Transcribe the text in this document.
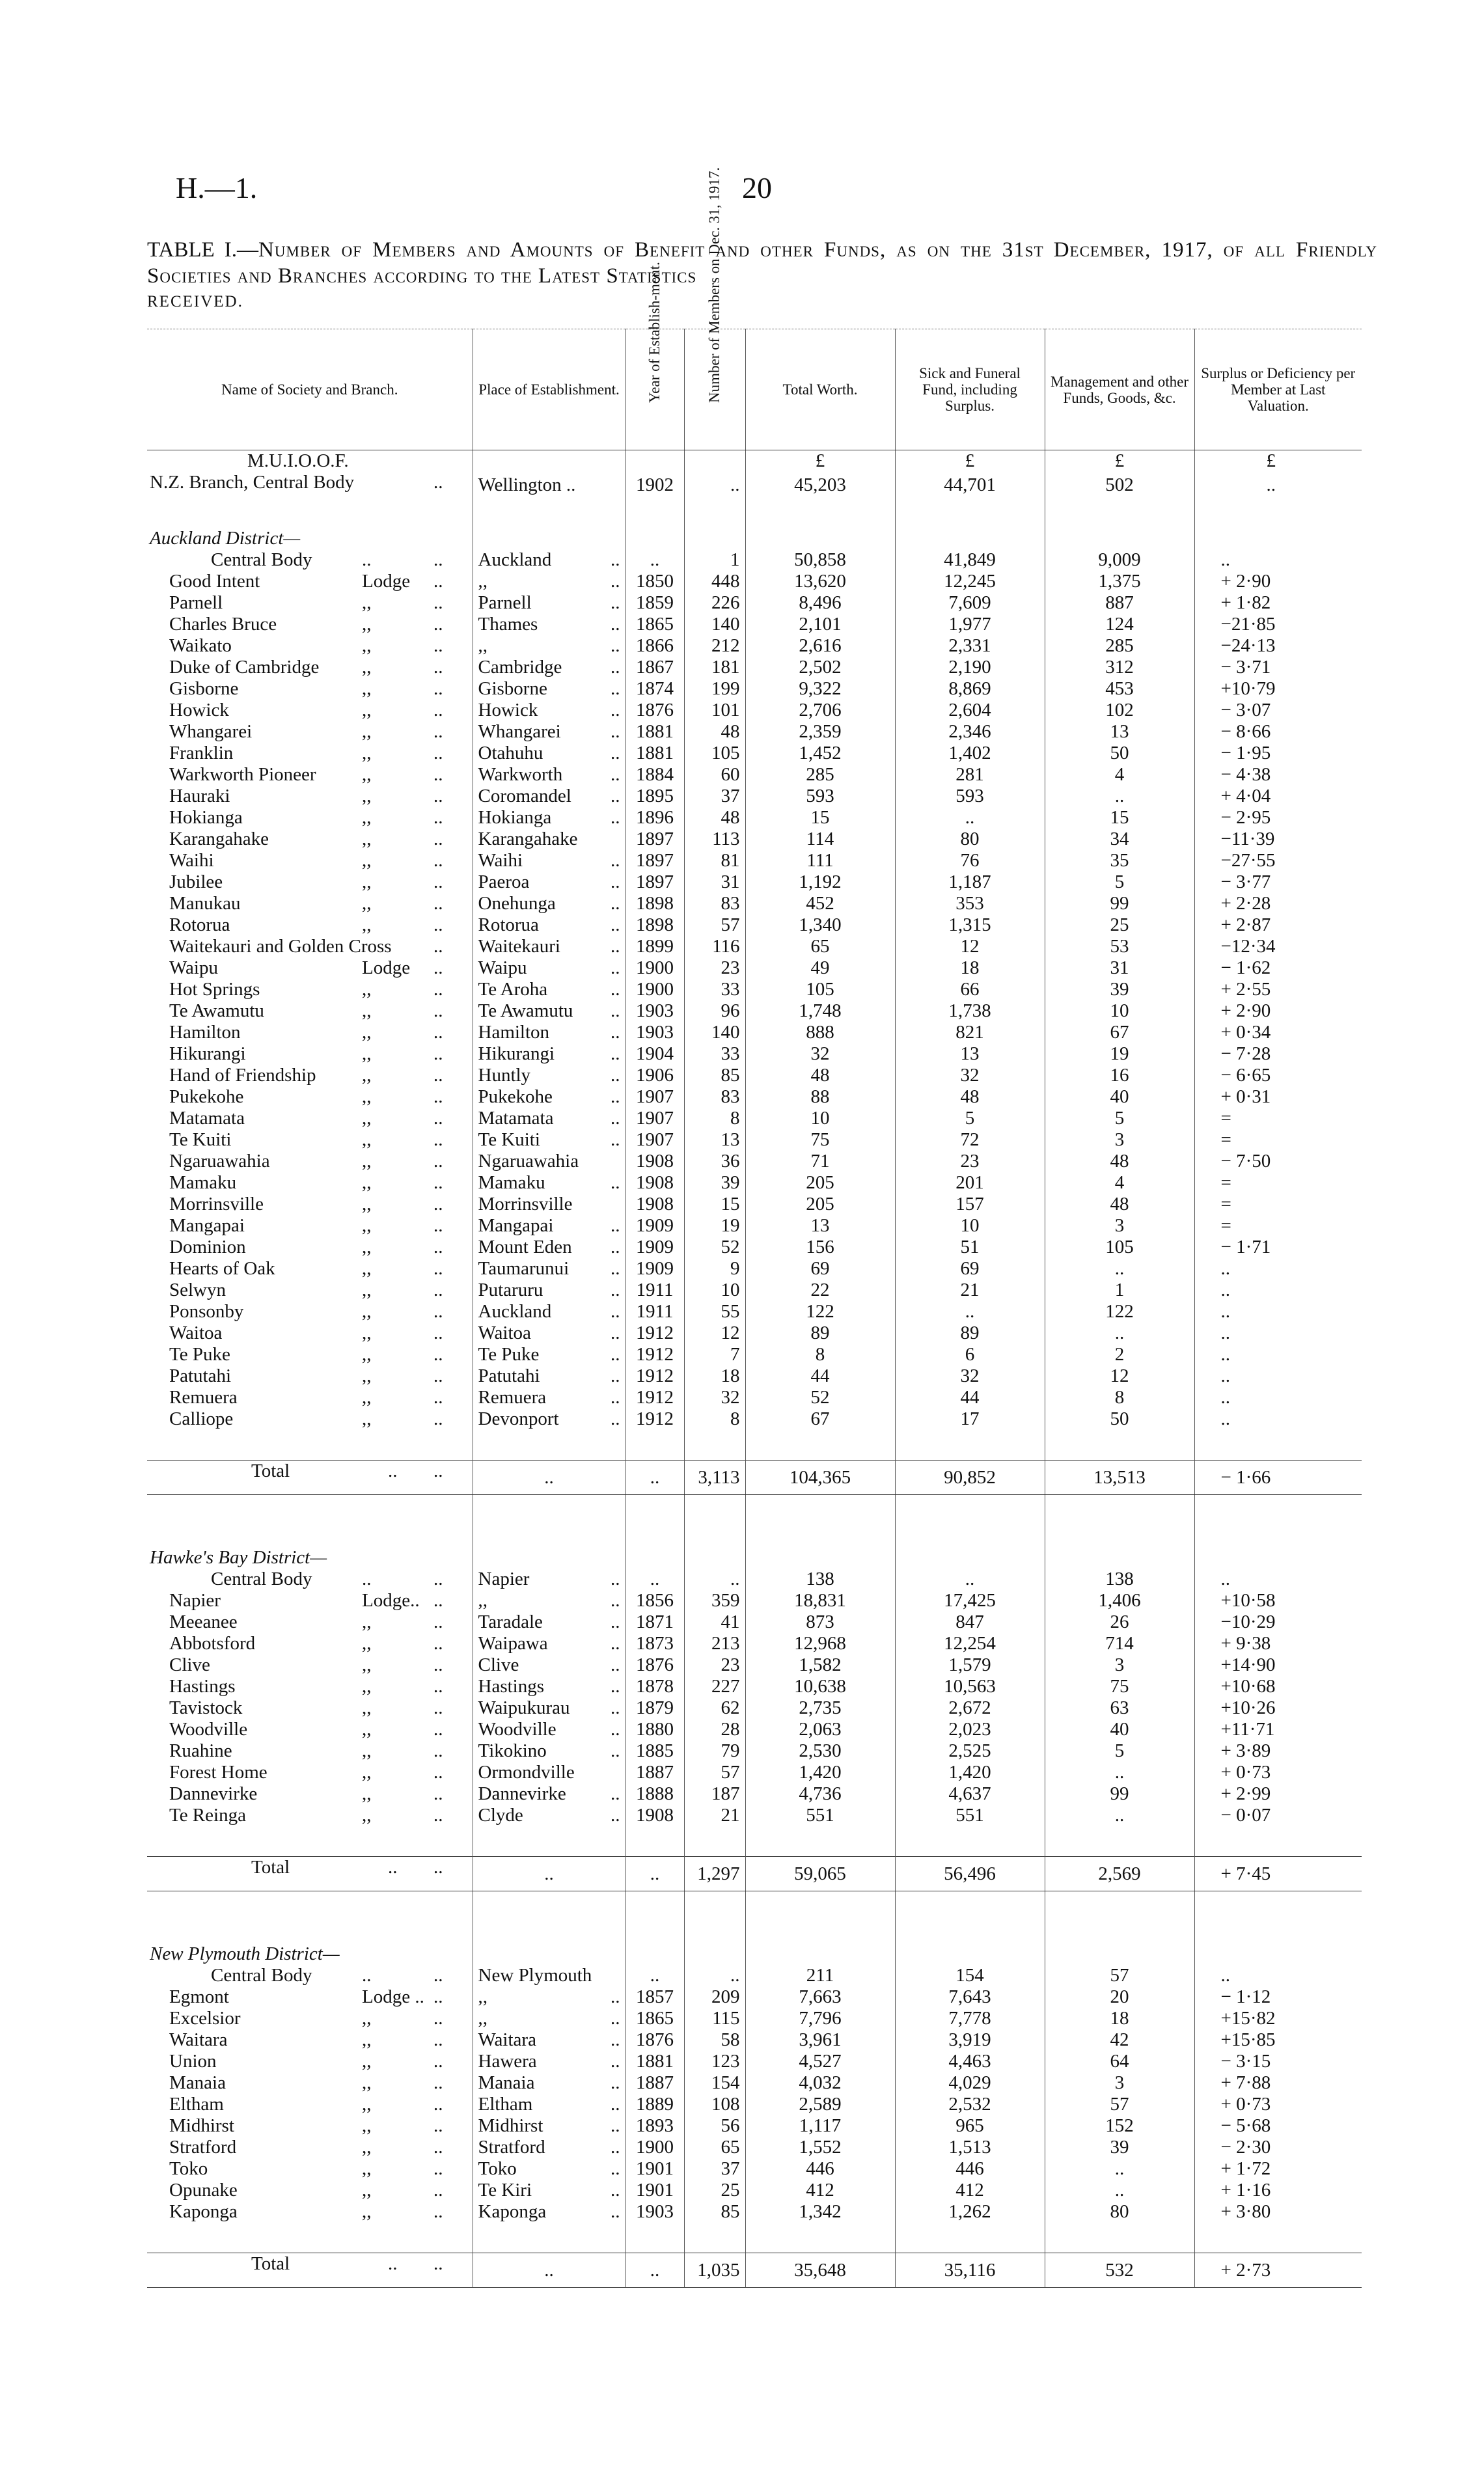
H.—1.	20
TABLE I.—Number of Members and Amounts of Benefit and other Funds, as on the 31st December, 1917, of all Friendly Societies and Branches according to the Latest Statistics
RECEIVED.
Name of Society and Branch.	Place of Establishment.	Year of Establish-ment.	Number of Members on Dec. 31, 1917.	Total Worth.	Sick and Funeral Fund, including Surplus.	Management and other Funds, Goods, &c.	Surplus or Deficiency per Member at Last Valuation.

M.U.I.O.O.F.				£	£	£	£

N.Z. Branch, Central Body ..	Wellington ..	1902	..	45,203	44,701	502	..

Auckland District—							

Central Body .. ..	Auckland ..	..	1	50,858	41,849	9,009	..

Good Intent Lodge ..	,, ..	1850	448	13,620	12,245	1,375	+ 2·90

Parnell ,, ..	Parnell ..	1859	226	8,496	7,609	887	+ 1·82

Charles Bruce ,, ..	Thames ..	1865	140	2,101	1,977	124	−21·85

Waikato ,, ..	,, ..	1866	212	2,616	2,331	285	−24·13

Duke of Cambridge ,, ..	Cambridge ..	1867	181	2,502	2,190	312	− 3·71

Gisborne ,, ..	Gisborne ..	1874	199	9,322	8,869	453	+10·79

Howick ,, ..	Howick ..	1876	101	2,706	2,604	102	− 3·07

Whangarei ,, ..	Whangarei ..	1881	48	2,359	2,346	13	− 8·66

Franklin ,, ..	Otahuhu ..	1881	105	1,452	1,402	50	− 1·95

Warkworth Pioneer ,, ..	Warkworth ..	1884	60	285	281	4	− 4·38

Hauraki ,, ..	Coromandel ..	1895	37	593	593	..	+ 4·04

Hokianga ,, ..	Hokianga ..	1896	48	15	..	15	− 2·95

Karangahake ,, ..	Karangahake	1897	113	114	80	34	−11·39

Waihi ,, ..	Waihi ..	1897	81	111	76	35	−27·55

Jubilee ,, ..	Paeroa ..	1897	31	1,192	1,187	5	− 3·77

Manukau ,, ..	Onehunga ..	1898	83	452	353	99	+ 2·28

Rotorua ,, ..	Rotorua ..	1898	57	1,340	1,315	25	+ 2·87

Waitekauri and Golden Cross ..	Waitekauri ..	1899	116	65	12	53	−12·34

Waipu Lodge ..	Waipu ..	1900	23	49	18	31	− 1·62

Hot Springs ,, ..	Te Aroha ..	1900	33	105	66	39	+ 2·55

Te Awamutu ,, ..	Te Awamutu ..	1903	96	1,748	1,738	10	+ 2·90

Hamilton ,, ..	Hamilton ..	1903	140	888	821	67	+ 0·34

Hikurangi ,, ..	Hikurangi ..	1904	33	32	13	19	− 7·28

Hand of Friendship ,, ..	Huntly ..	1906	85	48	32	16	− 6·65

Pukekohe ,, ..	Pukekohe ..	1907	83	88	48	40	+ 0·31

Matamata ,, ..	Matamata ..	1907	8	10	5	5	=

Te Kuiti ,, ..	Te Kuiti ..	1907	13	75	72	3	=

Ngaruawahia ,, ..	Ngaruawahia	1908	36	71	23	48	− 7·50

Mamaku ,, ..	Mamaku ..	1908	39	205	201	4	=

Morrinsville ,, ..	Morrinsville	1908	15	205	157	48	=

Mangapai ,, ..	Mangapai ..	1909	19	13	10	3	=

Dominion ,, ..	Mount Eden ..	1909	52	156	51	105	− 1·71

Hearts of Oak ,, ..	Taumarunui ..	1909	9	69	69	..	..

Selwyn ,, ..	Putaruru ..	1911	10	22	21	1	..

Ponsonby ,, ..	Auckland ..	1911	55	122	..	122	..

Waitoa ,, ..	Waitoa ..	1912	12	89	89	..	..

Te Puke ,, ..	Te Puke ..	1912	7	8	6	2	..

Patutahi ,, ..	Patutahi ..	1912	18	44	32	12	..

Remuera ,, ..	Remuera ..	1912	32	52	44	8	..

Calliope ,, ..	Devonport ..	1912	8	67	17	50	..

Total .. ..	..	..	3,113	104,365	90,852	13,513	− 1·66

Hawke's Bay District—							

Central Body .. ..	Napier ..	..	..	138	..	138	..

Napier Lodge.. ..	,, ..	1856	359	18,831	17,425	1,406	+10·58

Meeanee ,, ..	Taradale ..	1871	41	873	847	26	−10·29

Abbotsford ,, ..	Waipawa ..	1873	213	12,968	12,254	714	+ 9·38

Clive ,, ..	Clive ..	1876	23	1,582	1,579	3	+14·90

Hastings ,, ..	Hastings ..	1878	227	10,638	10,563	75	+10·68

Tavistock ,, ..	Waipukurau ..	1879	62	2,735	2,672	63	+10·26

Woodville ,, ..	Woodville ..	1880	28	2,063	2,023	40	+11·71

Ruahine ,, ..	Tikokino ..	1885	79	2,530	2,525	5	+ 3·89

Forest Home ,, ..	Ormondville	1887	57	1,420	1,420	..	+ 0·73

Dannevirke ,, ..	Dannevirke ..	1888	187	4,736	4,637	99	+ 2·99

Te Reinga ,, ..	Clyde ..	1908	21	551	551	..	− 0·07

Total .. ..	..	..	1,297	59,065	56,496	2,569	+ 7·45

New Plymouth District—							

Central Body .. ..	New Plymouth	..	..	211	154	57	..

Egmont Lodge .. ..	,, ..	1857	209	7,663	7,643	20	− 1·12

Excelsior ,, ..	,, ..	1865	115	7,796	7,778	18	+15·82

Waitara ,, ..	Waitara ..	1876	58	3,961	3,919	42	+15·85

Union ,, ..	Hawera ..	1881	123	4,527	4,463	64	− 3·15

Manaia ,, ..	Manaia ..	1887	154	4,032	4,029	3	+ 7·88

Eltham ,, ..	Eltham ..	1889	108	2,589	2,532	57	+ 0·73

Midhirst ,, ..	Midhirst ..	1893	56	1,117	965	152	− 5·68

Stratford ,, ..	Stratford ..	1900	65	1,552	1,513	39	− 2·30

Toko ,, ..	Toko ..	1901	37	446	446	..	+ 1·72

Opunake ,, ..	Te Kiri ..	1901	25	412	412	..	+ 1·16

Kaponga ,, ..	Kaponga ..	1903	85	1,342	1,262	80	+ 3·80

Total .. ..	..	..	1,035	35,648	35,116	532	+ 2·73
